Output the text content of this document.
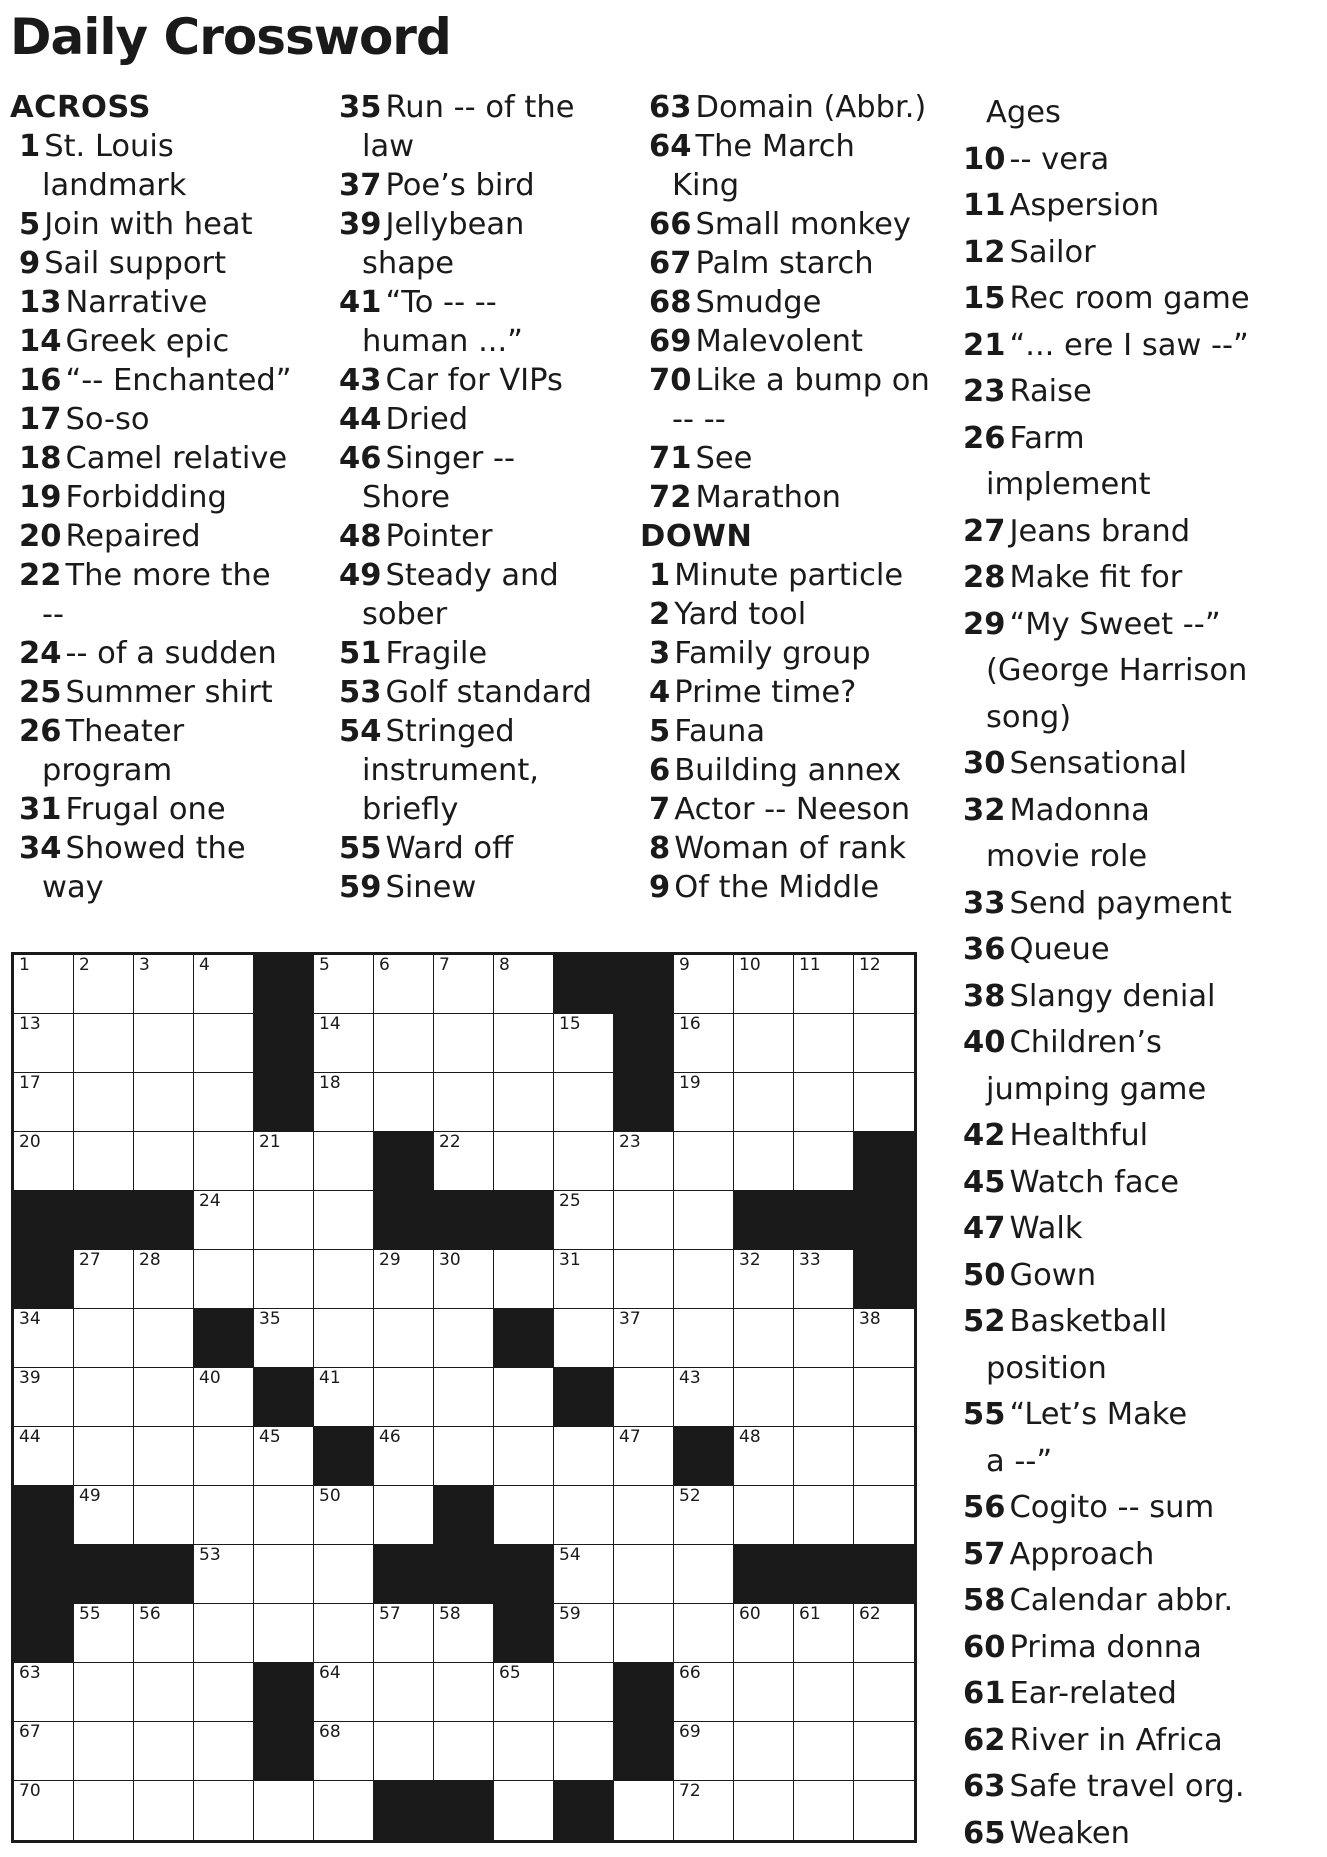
Daily Crossword
ACROSS
1 St. Louis
landmark
5 Join with heat
9 Sail support
13 Narrative
14 Greek epic
16 “-- Enchanted”
17 So-so
18 Camel relative
19 Forbidding
20 Repaired
22 The more the
--
24 -- of a sudden
25 Summer shirt
26 Theater
program
31 Frugal one
34 Showed the
way
35 Run -- of the
law
37 Poe’s bird
39 Jellybean
shape
41 “To -- --
human ...”
43 Car for VIPs
44 Dried
46 Singer --
Shore
48 Pointer
49 Steady and
sober
51 Fragile
53 Golf standard
54 Stringed
instrument,
briefly
55 Ward off
59 Sinew
63 Domain (Abbr.)
64 The March
King
66 Small monkey
67 Palm starch
68 Smudge
69 Malevolent
70 Like a bump on
-- --
71 See
72 Marathon
DOWN
1 Minute particle
2 Yard tool
3 Family group
4 Prime time?
5 Fauna
6 Building annex
7 Actor -- Neeson
8 Woman of rank
9 Of the Middle
Ages
10 -- vera
11 Aspersion
12 Sailor
15 Rec room game
21 “... ere I saw --”
23 Raise
26 Farm
implement
27 Jeans brand
28 Make fit for
29 “My Sweet --”
(George Harrison
song)
30 Sensational
32 Madonna
movie role
33 Send payment
36 Queue
38 Slangy denial
40 Children’s
jumping game
42 Healthful
45 Watch face
47 Walk
50 Gown
52 Basketball
position
55 “Let’s Make
a --”
56 Cogito -- sum
57 Approach
58 Calendar abbr.
60 Prima donna
61 Ear-related
62 River in Africa
63 Safe travel org.
65 Weaken
1	2	3	4	5	6	7	8	9	10 11 12
13	14	15	16
17	18	19
20	21	22	23
24	25
27 28	29 30	31	32 33
34	35	37	38
39	40	41	43
44	45	46	47	48
49	50	52
53	54
55 56	57 58	59	60 61 62
63	64	65	66
67	68	69
70	72
